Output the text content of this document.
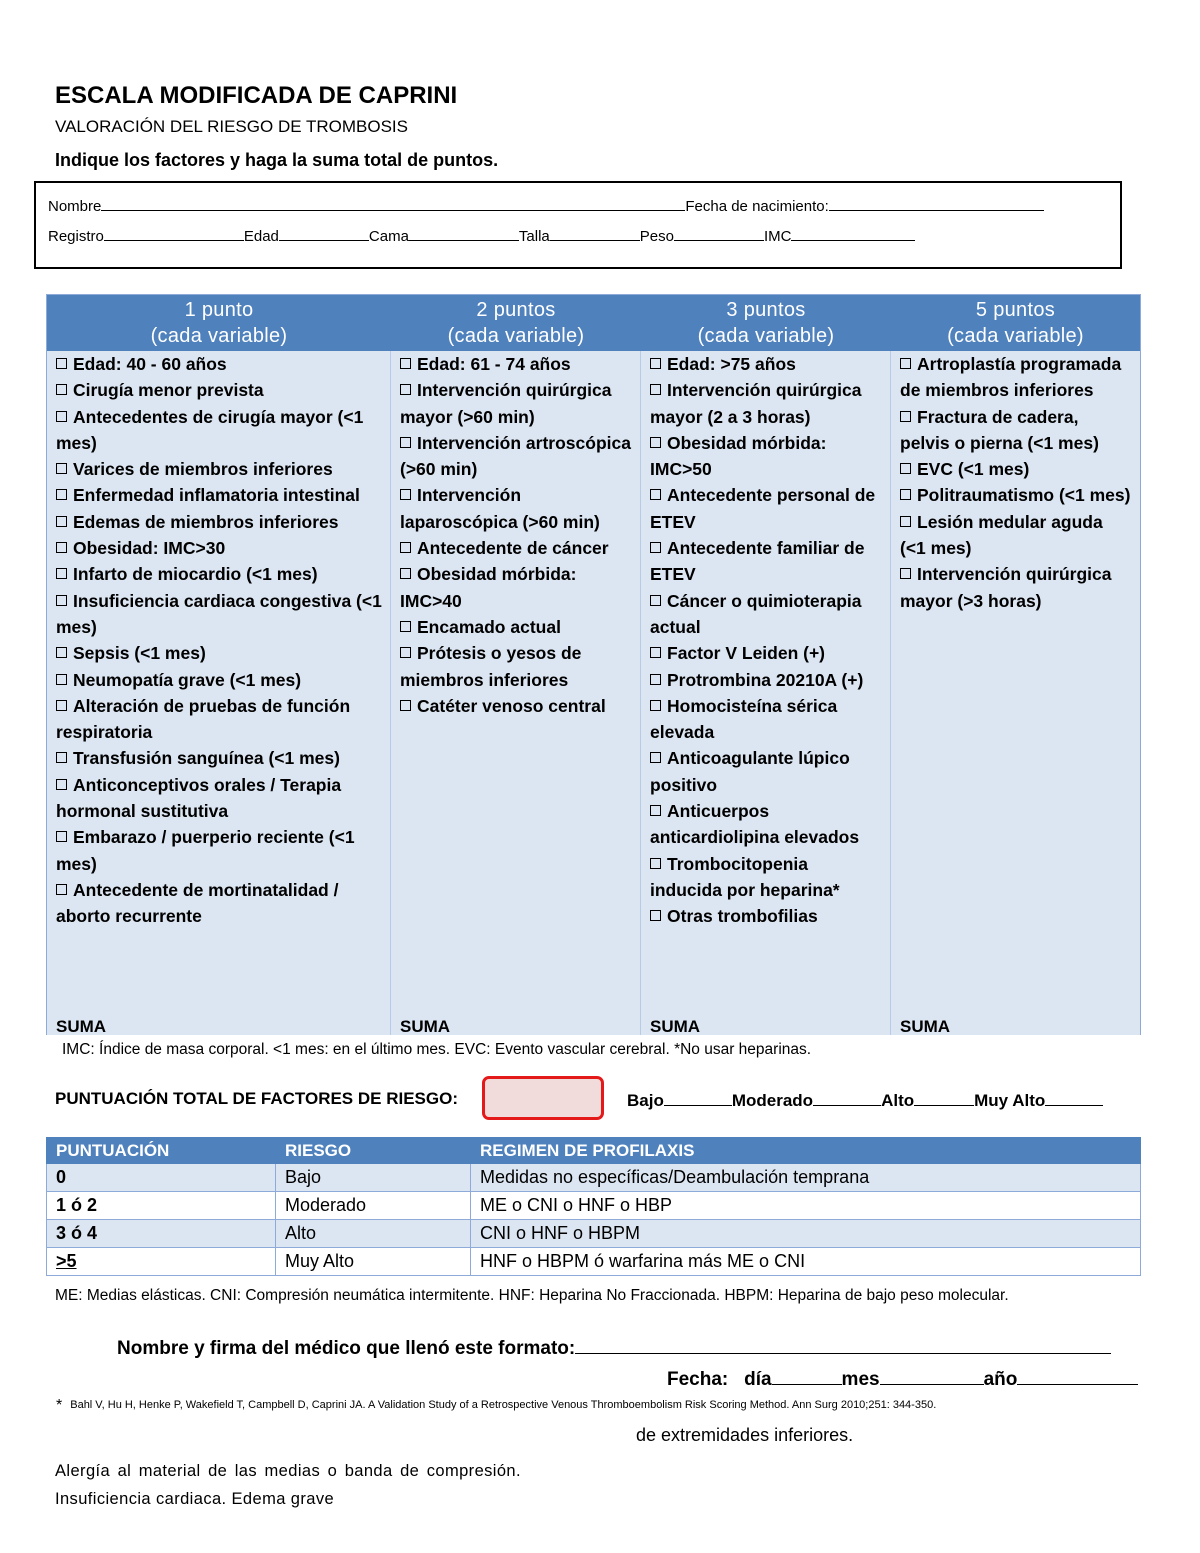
ESCALA MODIFICADA DE CAPRINI
VALORACIÓN DEL RIESGO DE TROMBOSIS
Indique los factores y haga la suma total de puntos.
Nombre	Fecha de nacimiento:
Registro	Edad	Cama	Talla	Peso	IMC
1 punto
(cada variable)
2 puntos
(cada variable)
3 puntos
(cada variable)
5 puntos
(cada variable)
Edad: 40 - 60 años
Cirugía menor prevista
Antecedentes de cirugía mayor (<1 mes)
Varices de miembros inferiores
Enfermedad inflamatoria intestinal
Edemas de miembros inferiores
Obesidad: IMC>30
Infarto de miocardio (<1 mes)
Insuficiencia cardiaca congestiva (<1 mes)
Sepsis (<1 mes)
Neumopatía grave (<1 mes)
Alteración de pruebas de función respiratoria
Transfusión sanguínea (<1 mes)
Anticonceptivos orales / Terapia hormonal sustitutiva
Embarazo / puerperio reciente (<1 mes)
Antecedente de mortinatalidad / aborto recurrente
SUMA
Edad: 61 - 74 años
Intervención quirúrgica mayor (>60 min)
Intervención artroscópica (>60 min)
Intervención laparoscópica (>60 min)
Antecedente de cáncer
Obesidad mórbida: IMC>40
Encamado actual
Prótesis o yesos de miembros inferiores
Catéter venoso central
SUMA
Edad: >75 años
Intervención quirúrgica mayor (2 a 3 horas)
Obesidad mórbida: IMC>50
Antecedente personal de ETEV
Antecedente familiar de ETEV
Cáncer o quimioterapia actual
Factor V Leiden (+)
Protrombina 20210A (+)
Homocisteína sérica elevada
Anticoagulante lúpico positivo
Anticuerpos anticardiolipina elevados
Trombocitopenia inducida por heparina*
Otras trombofilias
SUMA
Artroplastía programada de miembros inferiores
Fractura de cadera, pelvis o pierna (<1 mes)
EVC (<1 mes)
Politraumatismo (<1 mes)
Lesión medular aguda (<1 mes)
Intervención quirúrgica mayor (>3 horas)
SUMA
IMC: Índice de masa corporal. <1 mes: en el último mes. EVC: Evento vascular cerebral. *No usar heparinas.
PUNTUACIÓN TOTAL DE FACTORES DE RIESGO:	Bajo	Moderado	Alto	Muy Alto
PUNTUACIÓN	RIESGO	REGIMEN DE PROFILAXIS
0	Bajo	Medidas no específicas/Deambulación temprana
1 ó 2	Moderado	ME o CNI o HNF o HBP
3 ó 4	Alto	CNI o HNF o HBPM
>5	Muy Alto	HNF o HBPM ó warfarina más ME o CNI
ME: Medias elásticas. CNI: Compresión neumática intermitente. HNF: Heparina No Fraccionada. HBPM: Heparina de bajo peso molecular.
Nombre y firma del médico que llenó este formato:
Fecha: día	mes	año
* Bahl V, Hu H, Henke P, Wakefield T, Campbell D, Caprini JA. A Validation Study of a Retrospective Venous Thromboembolism Risk Scoring Method. Ann Surg 2010;251: 344-350.
de extremidades inferiores.
Alergía al material de las medias o banda de compresión. Insuficiencia cardiaca. Edema grave
